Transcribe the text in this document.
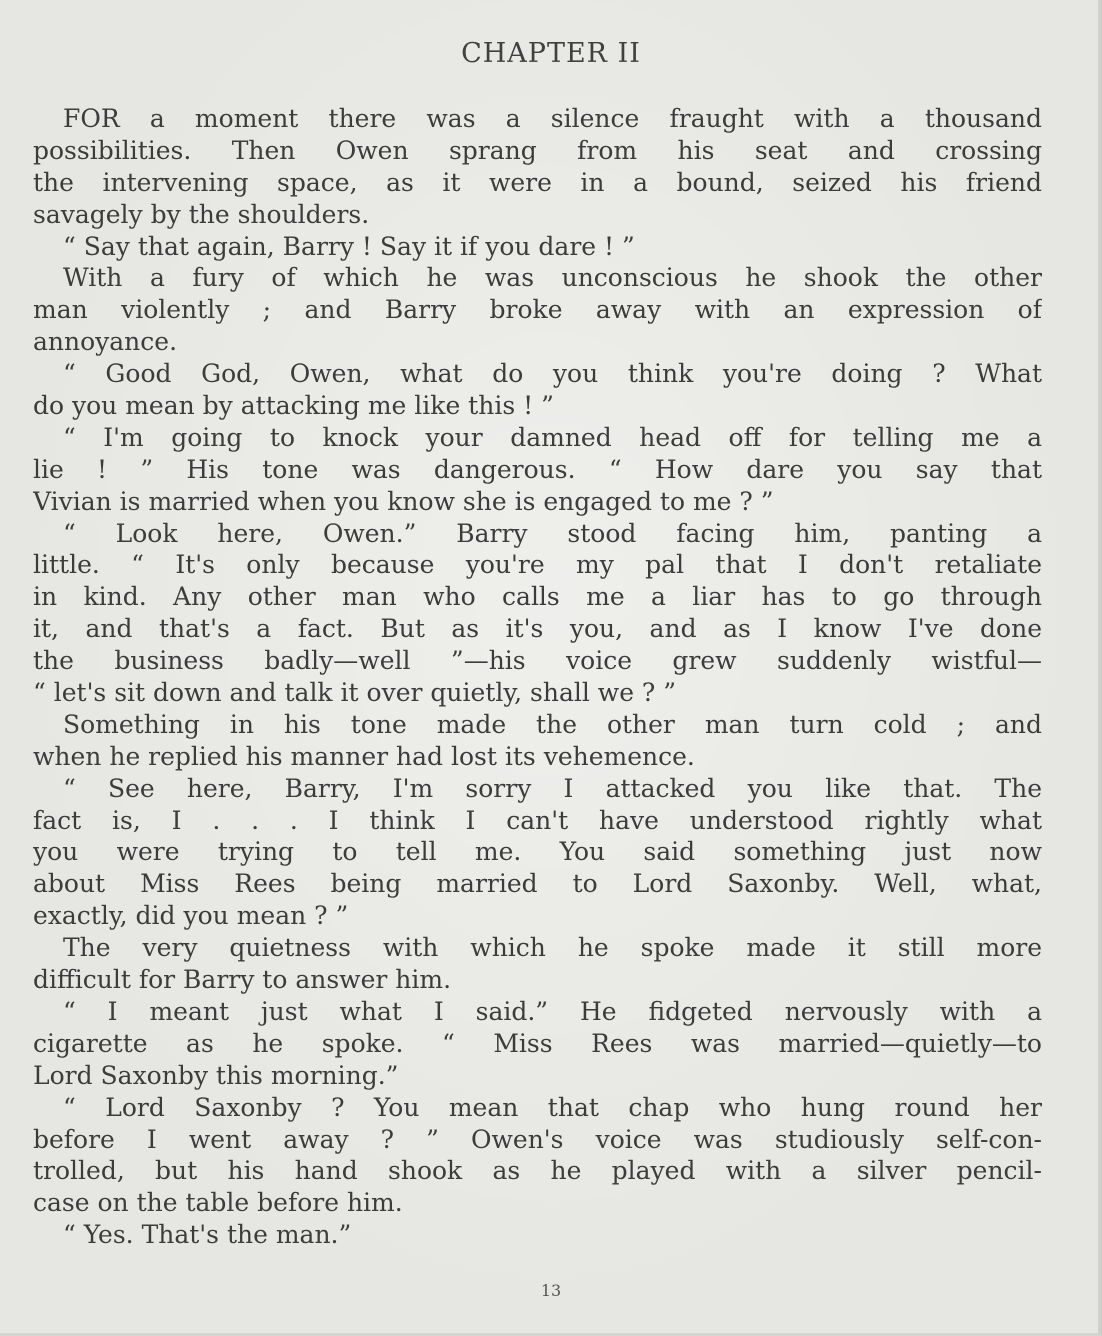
CHAPTER II
FOR a moment there was a silence fraught with a thousand
possibilities. Then Owen sprang from his seat and crossing
the intervening space, as it were in a bound, seized his friend
savagely by the shoulders.
“ Say that again, Barry ! Say it if you dare ! ”
With a fury of which he was unconscious he shook the other
man violently ; and Barry broke away with an expression of
annoyance.
“ Good God, Owen, what do you think you're doing ? What
do you mean by attacking me like this ! ”
“ I'm going to knock your damned head off for telling me a
lie ! ” His tone was dangerous. “ How dare you say that
Vivian is married when you know she is engaged to me ? ”
“ Look here, Owen.” Barry stood facing him, panting a
little. “ It's only because you're my pal that I don't retaliate
in kind. Any other man who calls me a liar has to go through
it, and that's a fact. But as it's you, and as I know I've done
the business badly—well ”—his voice grew suddenly wistful—
“ let's sit down and talk it over quietly, shall we ? ”
Something in his tone made the other man turn cold ; and
when he replied his manner had lost its vehemence.
“ See here, Barry, I'm sorry I attacked you like that. The
fact is, I . . . I think I can't have understood rightly what
you were trying to tell me. You said something just now
about Miss Rees being married to Lord Saxonby. Well, what,
exactly, did you mean ? ”
The very quietness with which he spoke made it still more
difficult for Barry to answer him.
“ I meant just what I said.” He fidgeted nervously with a
cigarette as he spoke. “ Miss Rees was married—quietly—to
Lord Saxonby this morning.”
“ Lord Saxonby ? You mean that chap who hung round her
before I went away ? ” Owen's voice was studiously self-con-
trolled, but his hand shook as he played with a silver pencil-
case on the table before him.
“ Yes. That's the man.”
13
